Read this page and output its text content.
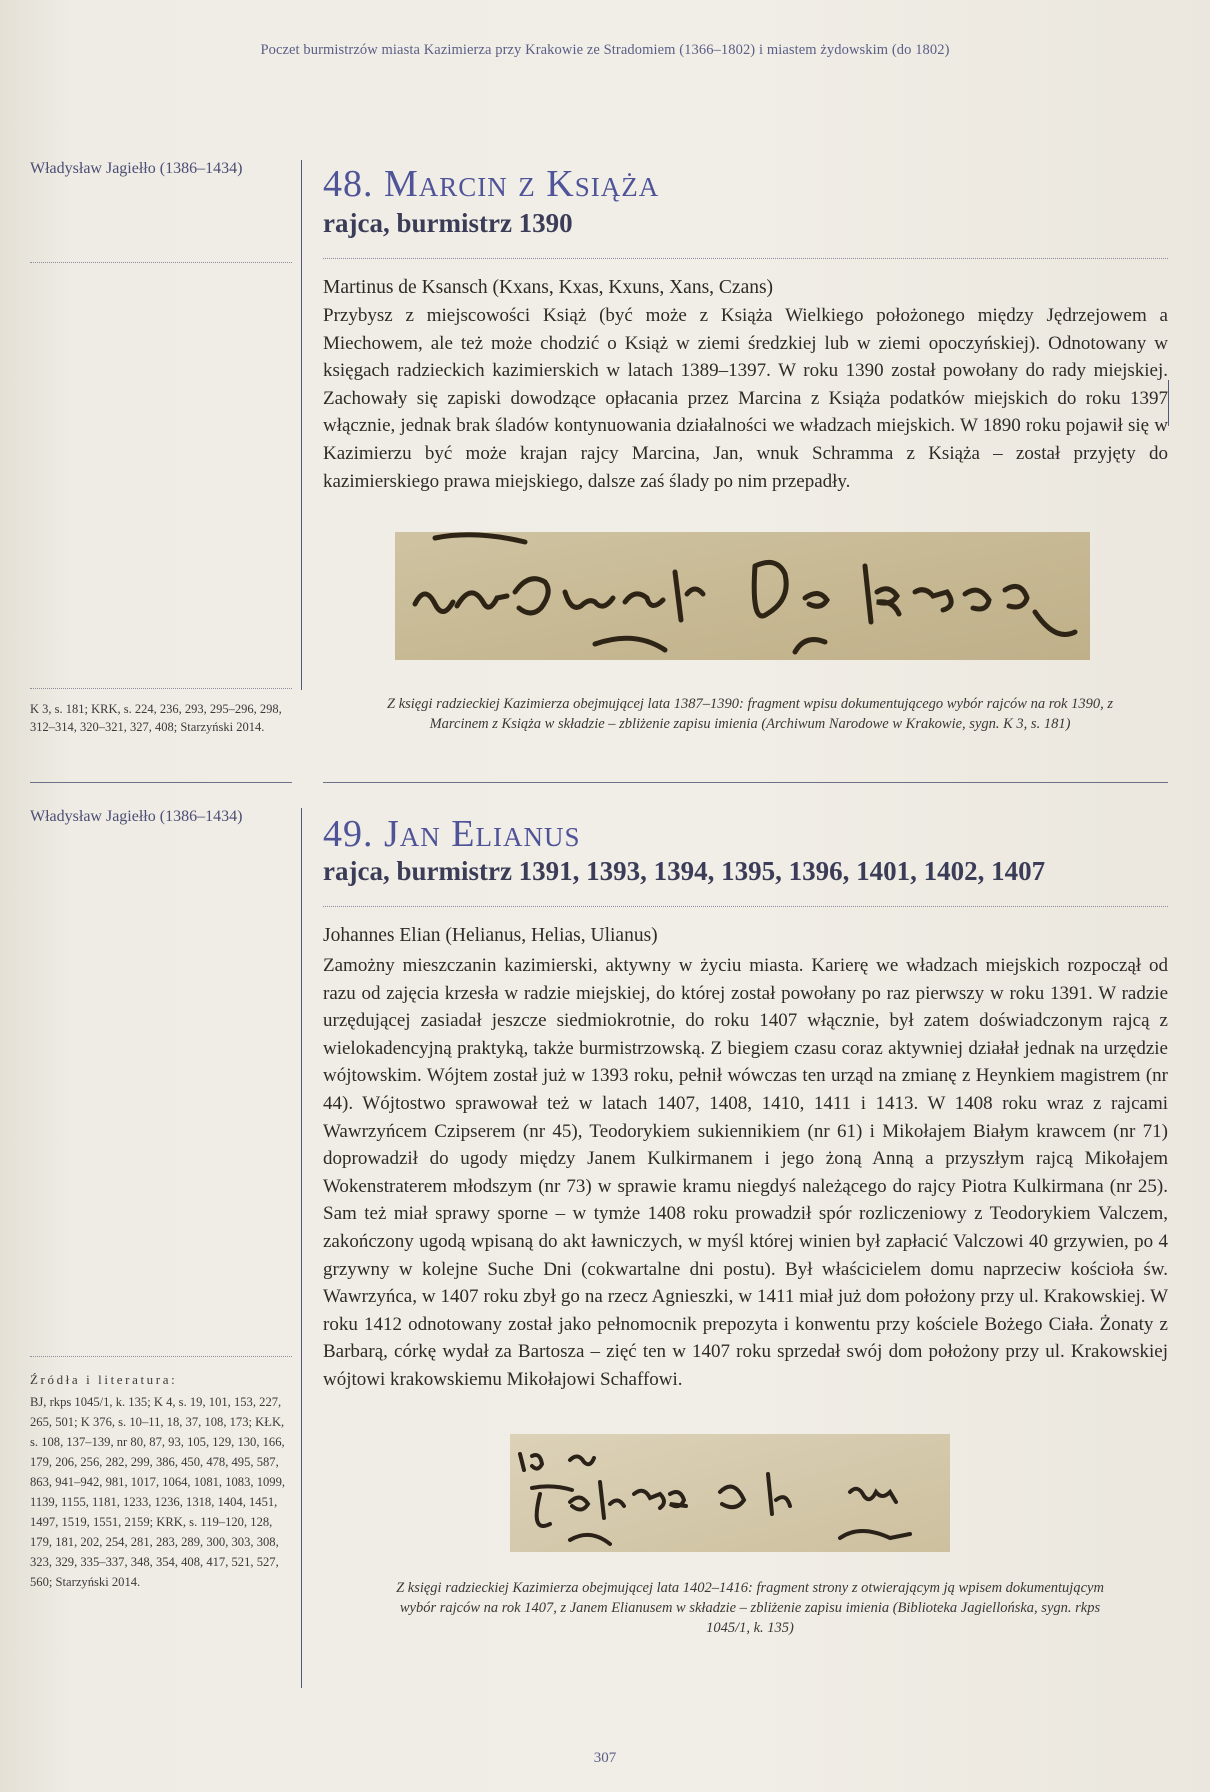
Poczet burmistrzów miasta Kazimierza przy Krakowie ze Stradomiem (1366–1802) i miastem żydowskim (do 1802)
Władysław Jagiełło (1386–1434)
K 3, s. 181; KRK, s. 224, 236, 293, 295–296, 298, 312–314, 320–321, 327, 408; Starzyński 2014.
Władysław Jagiełło (1386–1434)
Źródła i literatura:
BJ, rkps 1045/1, k. 135; K 4, s. 19, 101, 153, 227, 265, 501; K 376, s. 10–11, 18, 37, 108, 173; KŁK, s. 108, 137–139, nr 80, 87, 93, 105, 129, 130, 166, 179, 206, 256, 282, 299, 386, 450, 478, 495, 587, 863, 941–942, 981, 1017, 1064, 1081, 1083, 1099, 1139, 1155, 1181, 1233, 1236, 1318, 1404, 1451, 1497, 1519, 1551, 2159; KRK, s. 119–120, 128, 179, 181, 202, 254, 281, 283, 289, 300, 303, 308, 323, 329, 335–337, 348, 354, 408, 417, 521, 527, 560; Starzyński 2014.
48. Marcin z Książa
rajca, burmistrz 1390
Martinus de Ksansch (Kxans, Kxas, Kxuns, Xans, Czans)
Przybysz z miejscowości Książ (być może z Książa Wielkiego położonego między Jędrzejowem a Miechowem, ale też może chodzić o Książ w ziemi średzkiej lub w ziemi opoczyńskiej). Odnotowany w księgach radzieckich kazimierskich w latach 1389–1397. W roku 1390 został powołany do rady miejskiej. Zachowały się zapiski dowodzące opłacania przez Marcina z Książa podatków miejskich do roku 1397 włącznie, jednak brak śladów kontynuowania działalności we władzach miejskich. W 1890 roku pojawił się w Kazimierzu być może krajan rajcy Marcina, Jan, wnuk Schramma z Książa – został przyjęty do kazimierskiego prawa miejskiego, dalsze zaś ślady po nim przepadły.
Z księgi radzieckiej Kazimierza obejmującej lata 1387–1390: fragment wpisu dokumentującego wybór rajców na rok 1390, z Marcinem z Książa w składzie – zbliżenie zapisu imienia (Archiwum Narodowe w Krakowie, sygn. K 3, s. 181)
49. Jan Elianus
rajca, burmistrz 1391, 1393, 1394, 1395, 1396, 1401, 1402, 1407
Johannes Elian (Helianus, Helias, Ulianus)
Zamożny mieszczanin kazimierski, aktywny w życiu miasta. Karierę we władzach miejskich rozpoczął od razu od zajęcia krzesła w radzie miejskiej, do której został powołany po raz pierwszy w roku 1391. W radzie urzędującej zasiadał jeszcze siedmiokrotnie, do roku 1407 włącznie, był zatem doświadczonym rajcą z wielokadencyjną praktyką, także burmistrzowską. Z biegiem czasu coraz aktywniej działał jednak na urzędzie wójtowskim. Wójtem został już w 1393 roku, pełnił wówczas ten urząd na zmianę z Heynkiem magistrem (nr 44). Wójtostwo sprawował też w latach 1407, 1408, 1410, 1411 i 1413. W 1408 roku wraz z rajcami Wawrzyńcem Czipserem (nr 45), Teodorykiem sukiennikiem (nr 61) i Mikołajem Białym krawcem (nr 71) doprowadził do ugody między Janem Kulkirmanem i jego żoną Anną a przyszłym rajcą Mikołajem Wokenstraterem młodszym (nr 73) w sprawie kramu niegdyś należącego do rajcy Piotra Kulkirmana (nr 25). Sam też miał sprawy sporne – w tymże 1408 roku prowadził spór rozliczeniowy z Teodorykiem Valczem, zakończony ugodą wpisaną do akt ławniczych, w myśl której winien był zapłacić Valczowi 40 grzywien, po 4 grzywny w kolejne Suche Dni (cokwartalne dni postu). Był właścicielem domu naprzeciw kościoła św. Wawrzyńca, w 1407 roku zbył go na rzecz Agnieszki, w 1411 miał już dom położony przy ul. Krakowskiej. W roku 1412 odnotowany został jako pełnomocnik prepozyta i konwentu przy kościele Bożego Ciała. Żonaty z Barbarą, córkę wydał za Bartosza – zięć ten w 1407 roku sprzedał swój dom położony przy ul. Krakowskiej wójtowi krakowskiemu Mikołajowi Schaffowi.
Z księgi radzieckiej Kazimierza obejmującej lata 1402–1416: fragment strony z otwierającym ją wpisem dokumentującym wybór rajców na rok 1407, z Janem Elianusem w składzie – zbliżenie zapisu imienia (Biblioteka Jagiellońska, sygn. rkps 1045/1, k. 135)
307
